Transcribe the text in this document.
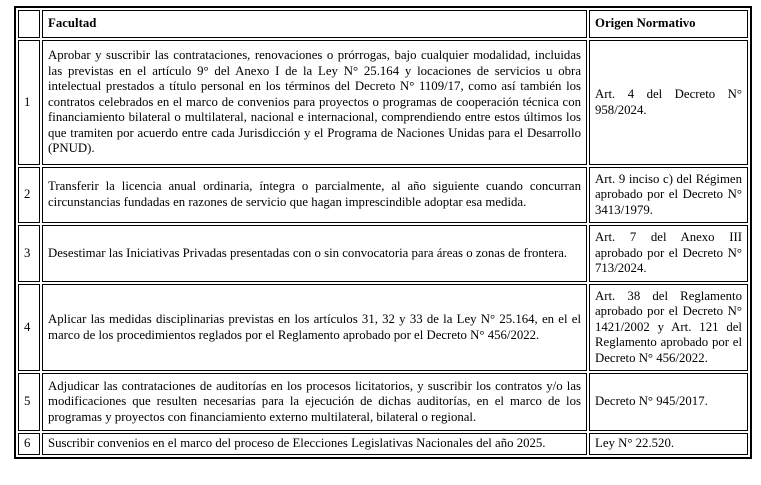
	Facultad	Origen Normativo
1	Aprobar y suscribir las contrataciones, renovaciones o prórrogas, bajo cualquier modalidad, incluidas las previstas en el artículo 9° del Anexo I de la Ley N° 25.164 y locaciones de servicios u obra intelectual prestados a título personal en los términos del Decreto N° 1109/17, como así también los contratos celebrados en el marco de convenios para proyectos o programas de cooperación técnica con financiamiento bilateral o multilateral, nacional e internacional, comprendiendo entre estos últimos los que tramiten por acuerdo entre cada Jurisdicción y el Programa de Naciones Unidas para el Desarrollo (PNUD).	Art. 4 del Decreto N° 958/2024.
2	Transferir la licencia anual ordinaria, íntegra o parcialmente, al año siguiente cuando concurran circunstancias fundadas en razones de servicio que hagan imprescindible adoptar esa medida.	Art. 9 inciso c) del Régimen aprobado por el Decreto N° 3413/1979.
3	Desestimar las Iniciativas Privadas presentadas con o sin convocatoria para áreas o zonas de frontera.	Art. 7 del Anexo III aprobado por el Decreto N° 713/2024.
4	Aplicar las medidas disciplinarias previstas en los artículos 31, 32 y 33 de la Ley N° 25.164, en el el marco de los procedimientos reglados por el Reglamento aprobado por el Decreto N° 456/2022.	Art. 38 del Reglamento aprobado por el Decreto N° 1421/2002 y Art. 121 del Reglamento aprobado por el Decreto N° 456/2022.
5	Adjudicar las contrataciones de auditorías en los procesos licitatorios, y suscribir los contratos y/o las modificaciones que resulten necesarias para la ejecución de dichas auditorías, en el marco de los programas y proyectos con financiamiento externo multilateral, bilateral o regional.	Decreto N° 945/2017.
6	Suscribir convenios en el marco del proceso de Elecciones Legislativas Nacionales del año 2025.	Ley N° 22.520.
